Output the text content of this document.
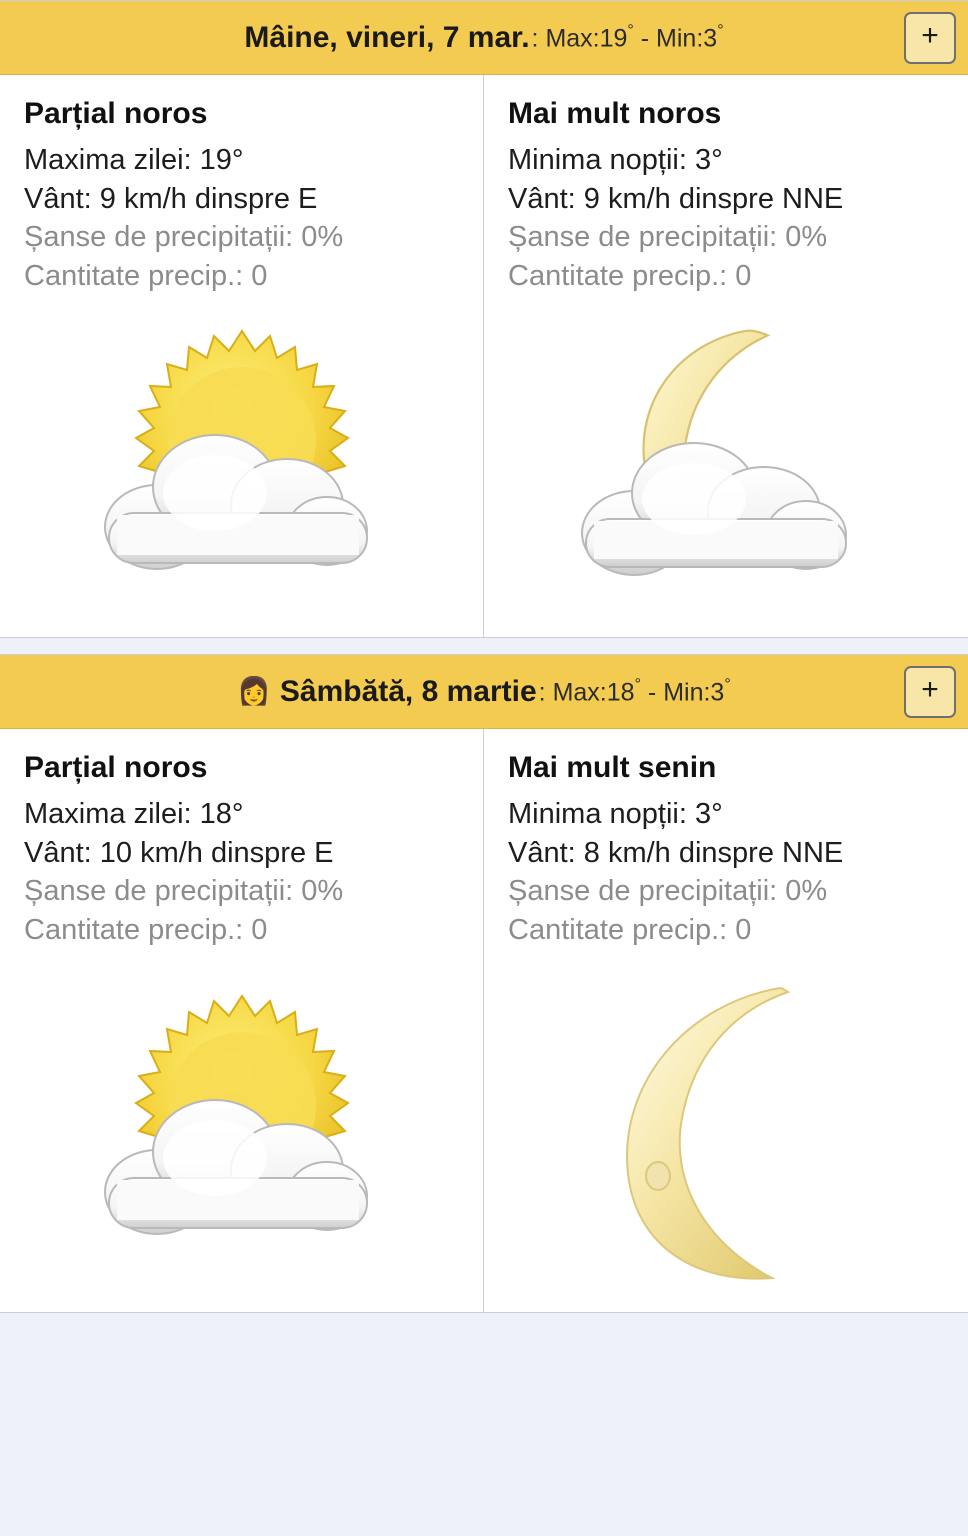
Mâine, vineri, 7 mar. : Max:19° - Min:3°	+
Parțial noros
Maxima zilei: 19°
Vânt: 9 km/h dinspre E
Șanse de precipitații: 0%
Cantitate precip.: 0
Mai mult noros
Minima nopții: 3°
Vânt: 9 km/h dinspre NNE
Șanse de precipitații: 0%
Cantitate precip.: 0
👩 Sâmbătă, 8 martie : Max:18° - Min:3°	+
Parțial noros
Maxima zilei: 18°
Vânt: 10 km/h dinspre E
Șanse de precipitații: 0%
Cantitate precip.: 0
Mai mult senin
Minima nopții: 3°
Vânt: 8 km/h dinspre NNE
Șanse de precipitații: 0%
Cantitate precip.: 0
